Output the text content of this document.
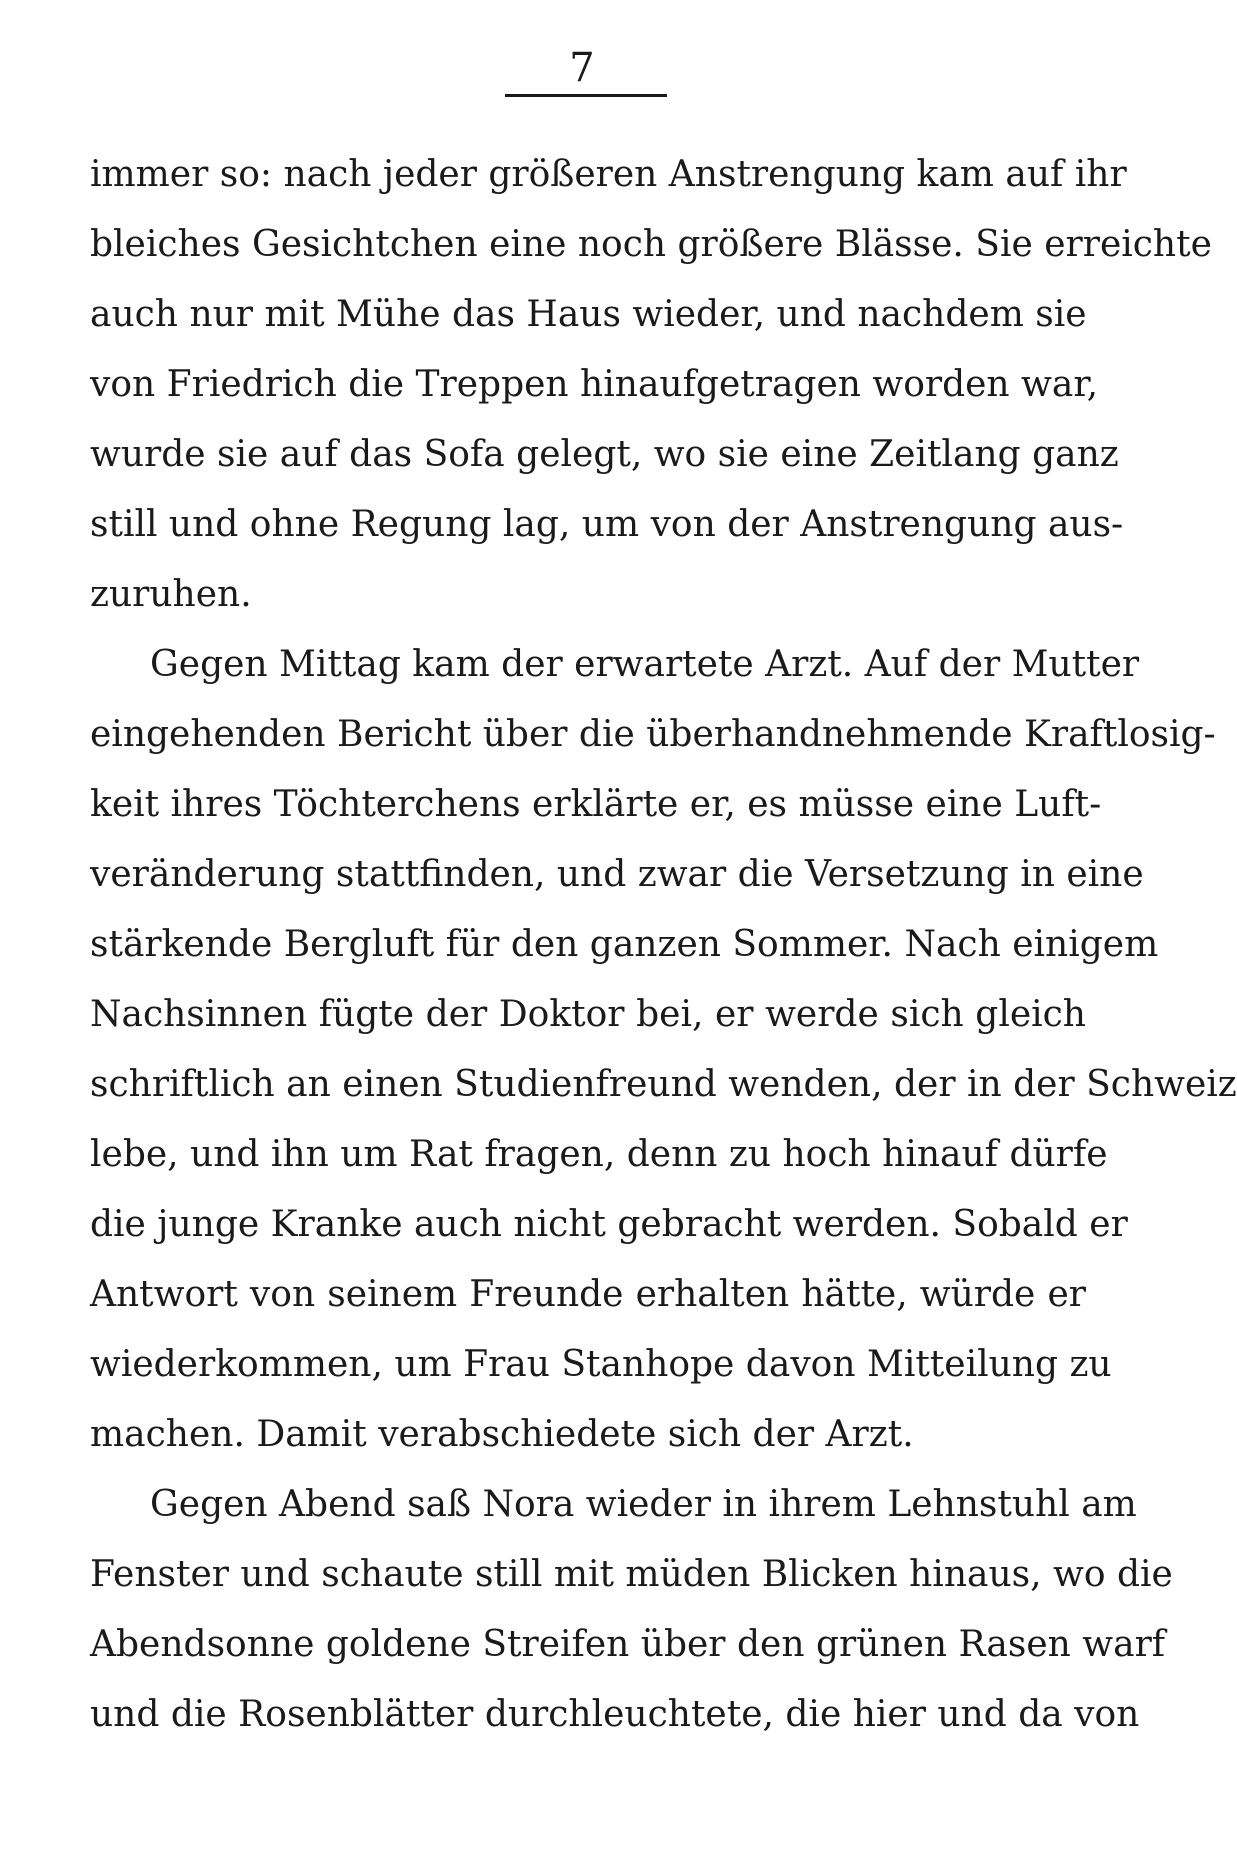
7
immer so: nach jeder größeren Anstrengung kam auf ihr
bleiches Gesichtchen eine noch größere Blässe. Sie erreichte
auch nur mit Mühe das Haus wieder, und nachdem sie
von Friedrich die Treppen hinaufgetragen worden war,
wurde sie auf das Sofa gelegt, wo sie eine Zeitlang ganz
still und ohne Regung lag, um von der Anstrengung aus-
zuruhen.
Gegen Mittag kam der erwartete Arzt. Auf der Mutter
eingehenden Bericht über die überhandnehmende Kraftlosig-
keit ihres Töchterchens erklärte er, es müsse eine Luft-
veränderung stattfinden, und zwar die Versetzung in eine
stärkende Bergluft für den ganzen Sommer. Nach einigem
Nachsinnen fügte der Doktor bei, er werde sich gleich
schriftlich an einen Studienfreund wenden, der in der Schweiz
lebe, und ihn um Rat fragen, denn zu hoch hinauf dürfe
die junge Kranke auch nicht gebracht werden. Sobald er
Antwort von seinem Freunde erhalten hätte, würde er
wiederkommen, um Frau Stanhope davon Mitteilung zu
machen. Damit verabschiedete sich der Arzt.
Gegen Abend saß Nora wieder in ihrem Lehnstuhl am
Fenster und schaute still mit müden Blicken hinaus, wo die
Abendsonne goldene Streifen über den grünen Rasen warf
und die Rosenblätter durchleuchtete, die hier und da von
